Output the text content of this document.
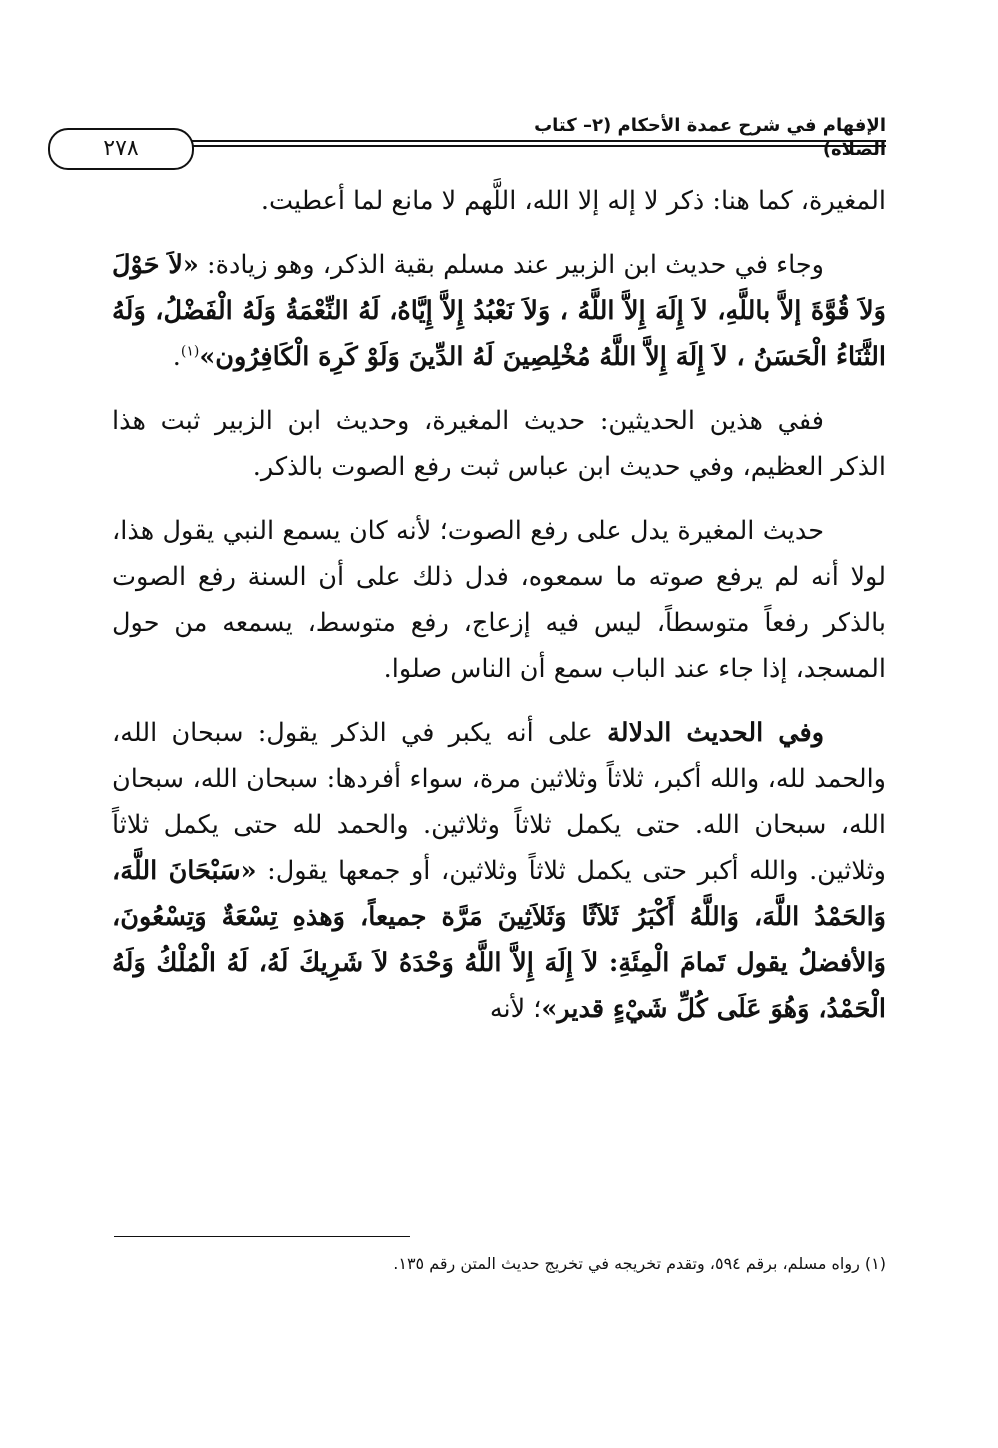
الإفهام في شرح عمدة الأحكام (٢– كتاب الصلاة)
٢٧٨

المغيرة، كما هنا: ذكر لا إله إلا الله، اللَّهم لا مانع لما أعطيت.

وجاء في حديث ابن الزبير عند مسلم بقية الذكر، وهو زيادة: «لاَ حَوْلَ وَلاَ قُوَّةَ إلاَّ باللَّهِ، لاَ إِلَهَ إِلاَّ اللَّهُ ، وَلاَ نَعْبُدُ إِلاَّ إِيَّاهُ، لَهُ النِّعْمَةُ وَلَهُ الْفَضْلُ، وَلَهُ الثَّنَاءُ الْحَسَنُ ، لاَ إِلَهَ إِلاَّ اللَّهُ مُخْلِصِينَ لَهُ الدِّينَ وَلَوْ كَرِهَ الْكَافِرُون»$^{(١)}$.

ففي هذين الحديثين: حديث المغيرة، وحديث ابن الزبير ثبت هذا الذكر العظيم، وفي حديث ابن عباس ثبت رفع الصوت بالذكر.

حديث المغيرة يدل على رفع الصوت؛ لأنه كان يسمع النبي يقول هذا، لولا أنه لم يرفع صوته ما سمعوه، فدل ذلك على أن السنة رفع الصوت بالذكر رفعاً متوسطاً، ليس فيه إزعاج، رفع متوسط، يسمعه من حول المسجد، إذا جاء عند الباب سمع أن الناس صلوا.

وفي الحديث الدلالة على أنه يكبر في الذكر يقول: سبحان الله، والحمد لله، والله أكبر، ثلاثاً وثلاثين مرة، سواء أفردها: سبحان الله، سبحان الله، سبحان الله. حتى يكمل ثلاثاً وثلاثين. والحمد لله حتى يكمل ثلاثاً وثلاثين. والله أكبر حتى يكمل ثلاثاً وثلاثين، أو جمعها يقول: «سَبْحَانَ اللَّهَ، وَالحَمْدُ اللَّهَ، وَاللَّهُ أَكْبَرُ ثَلاَثًا وَثَلاَثِينَ مَرَّة جميعاً، وَهذهِ تِسْعَةٌ وَتِسْعُونَ، وَالأفضلُ يقول تَمامَ الْمِئَةِ: لاَ إِلَهَ إِلاَّ اللَّهُ وَحْدَهُ لاَ شَرِيكَ لَهُ، لَهُ الْمُلْكُ وَلَهُ الْحَمْدُ، وَهُوَ عَلَى كُلِّ شَيْءٍ قدير»؛ لأنه

(١) رواه مسلم، برقم ٥٩٤، وتقدم تخريجه في تخريج حديث المتن رقم ١٣٥.
